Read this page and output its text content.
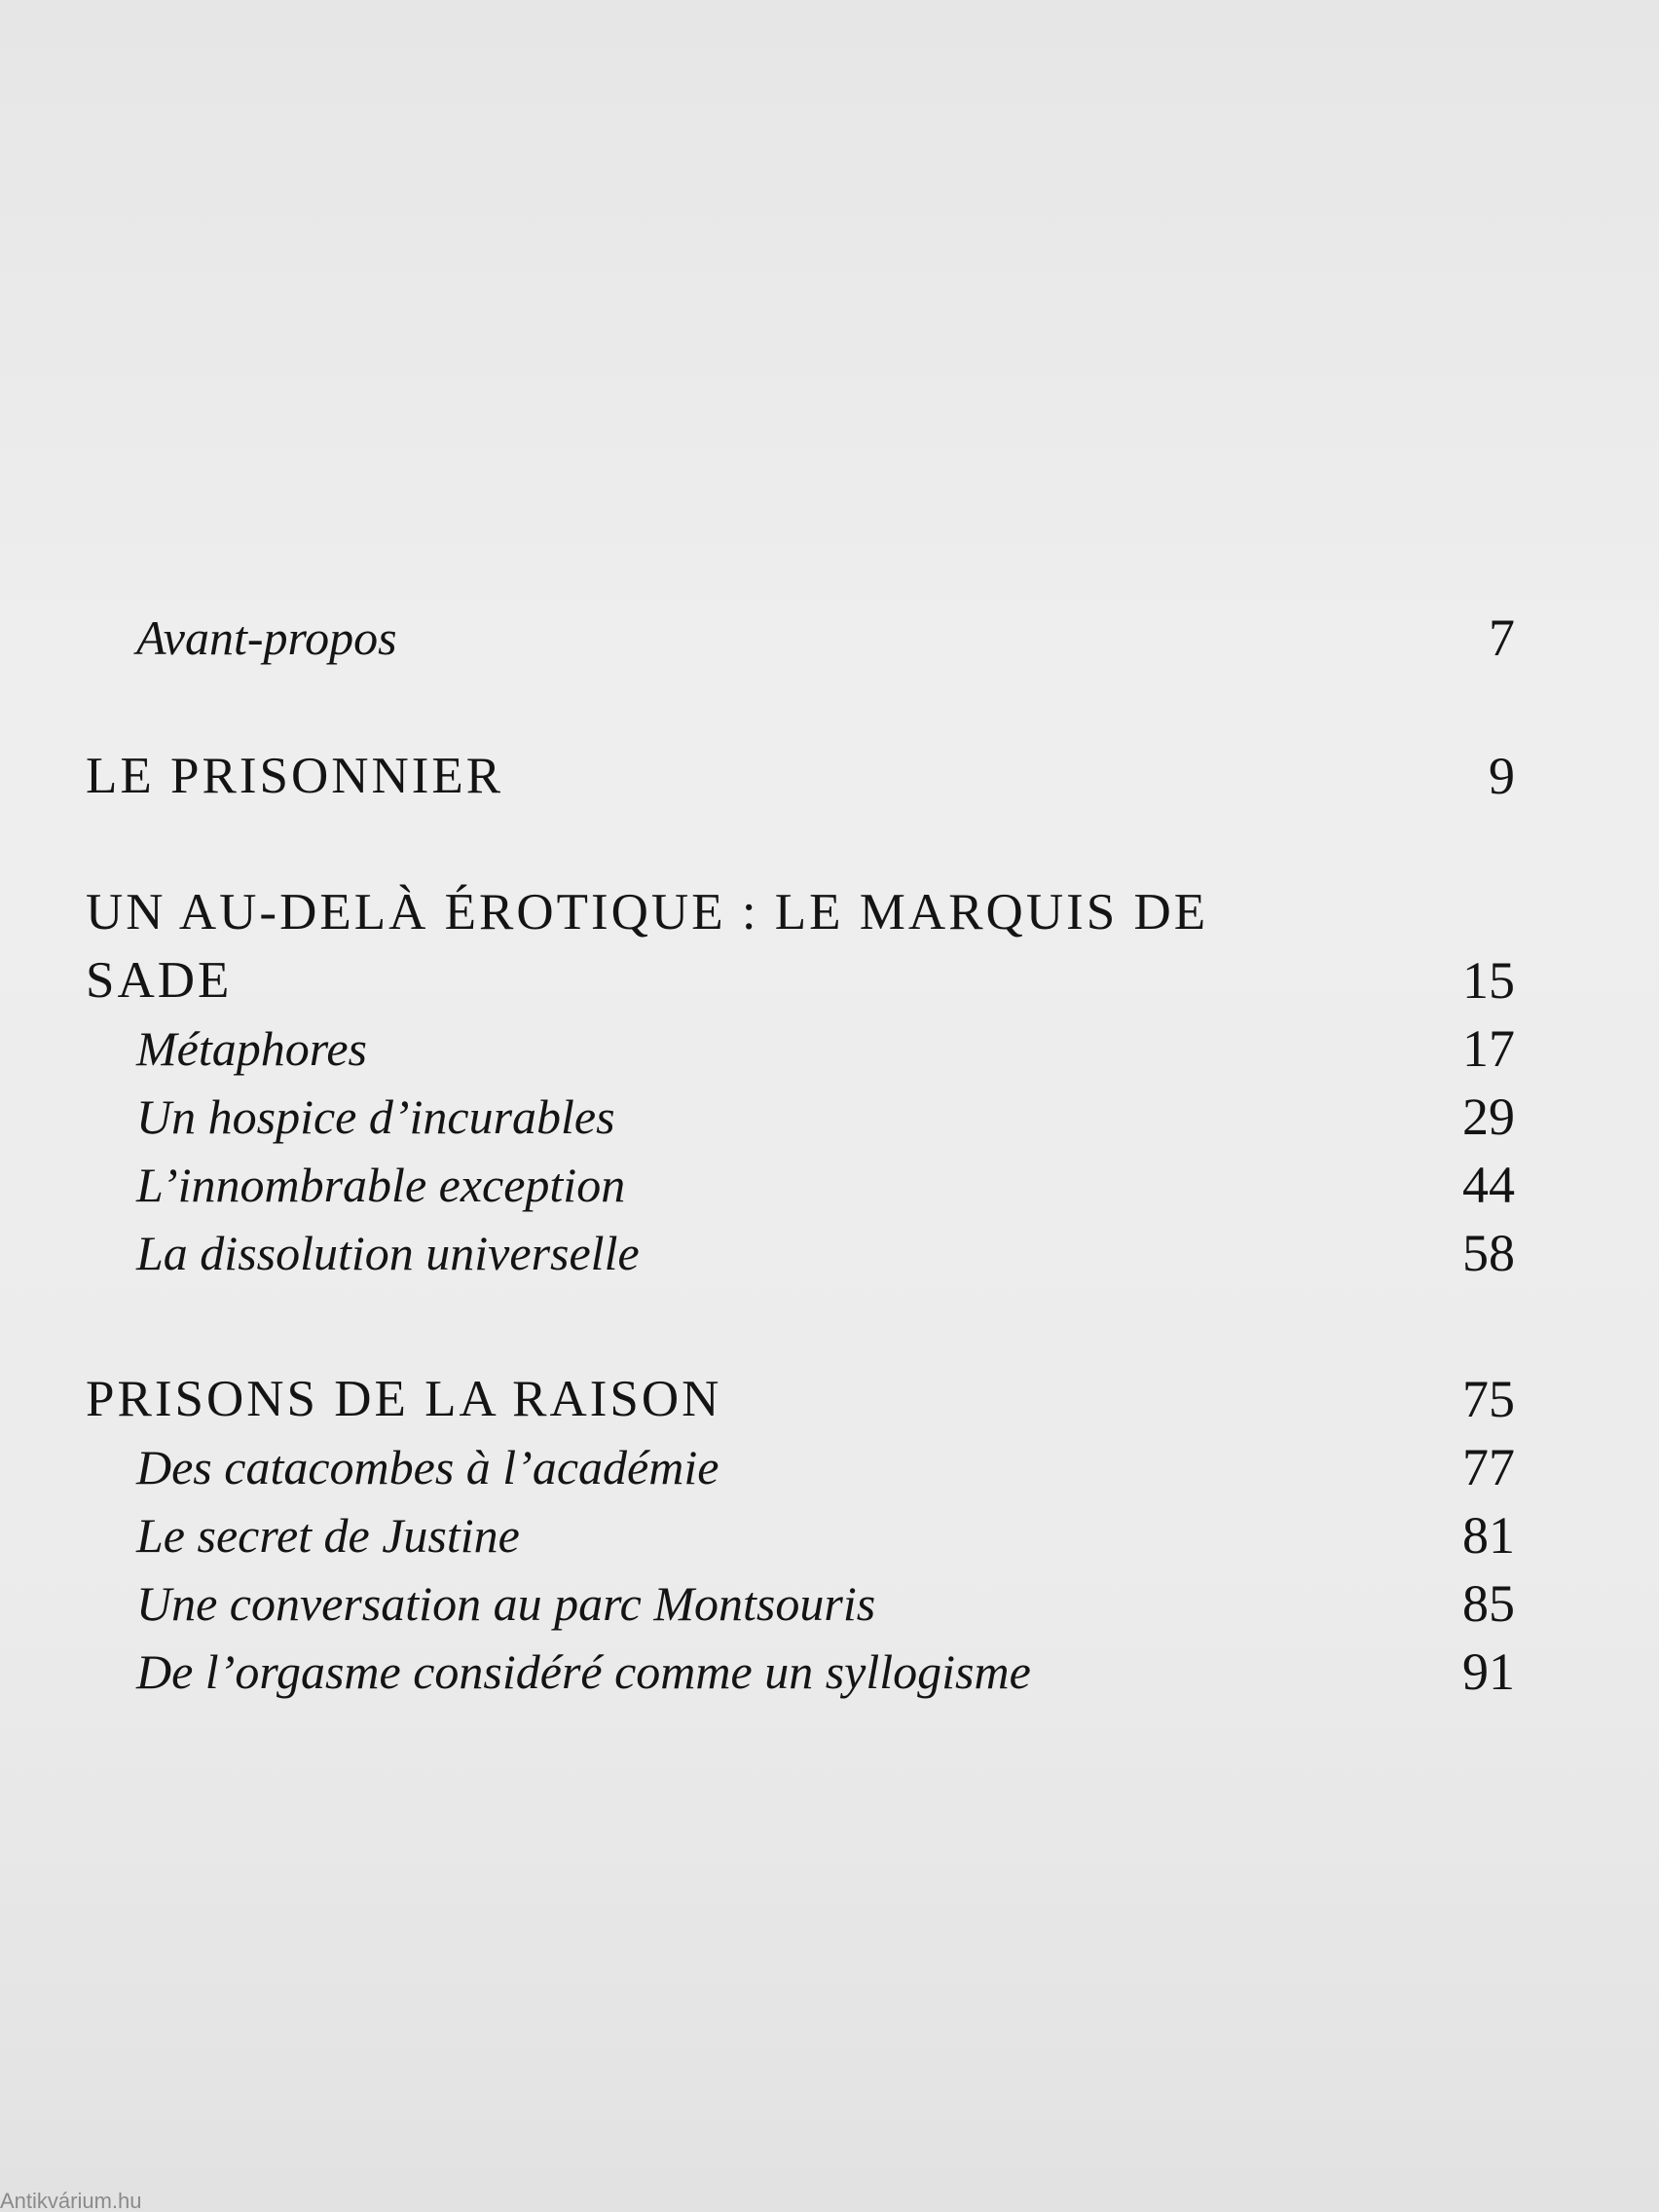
Avant-propos	7
LE PRISONNIER	9
UN AU-DELÀ ÉROTIQUE : LE MARQUIS DE
SADE	15
Métaphores	17
Un hospice d’incurables	29
L’innombrable exception	44
La dissolution universelle	58
PRISONS DE LA RAISON	75
Des catacombes à l’académie	77
Le secret de Justine	81
Une conversation au parc Montsouris	85
De l’orgasme considéré comme un syllogisme	91
Antikvárium.hu
